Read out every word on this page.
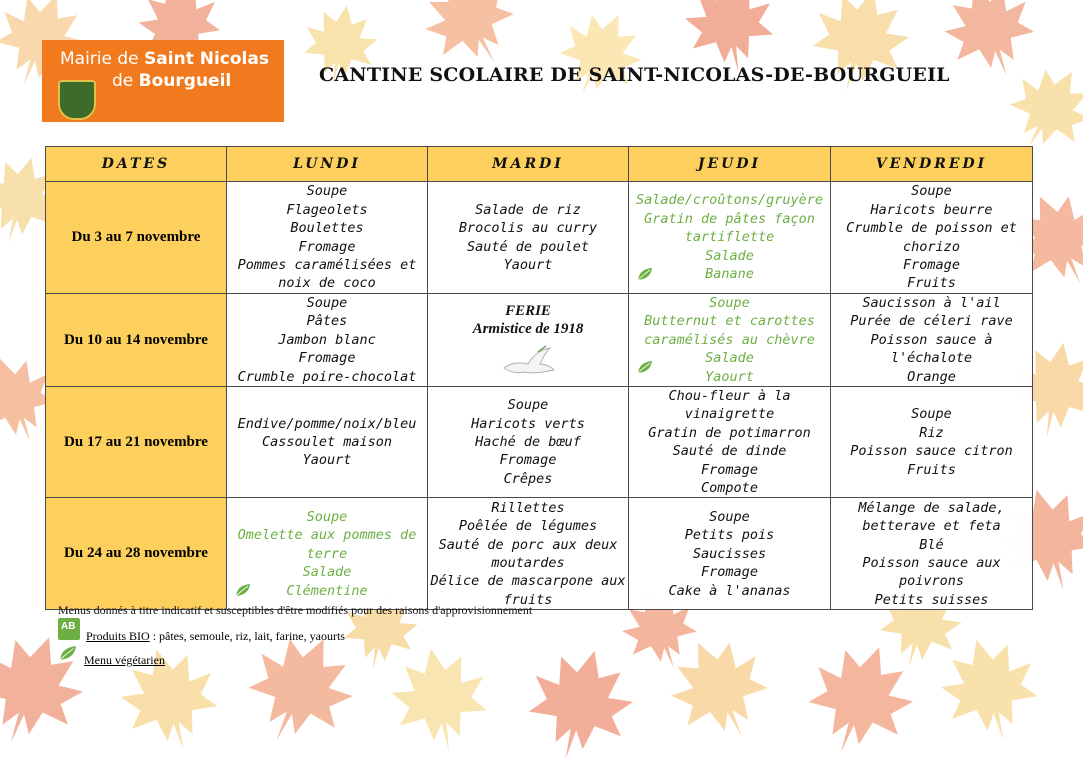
Mairie de Saint Nicolas
de Bourgueil	CANTINE SCOLAIRE DE SAINT-NICOLAS-DE-BOURGUEIL
DATES	LUNDI	MARDI	JEUDI	VENDREDI
Du 3 au 7 novembre	Soupe
Flageolets
Boulettes
Fromage
Pommes caramélisées et noix de coco	Salade de riz
Brocolis au curry
Sauté de poulet
Yaourt	Salade/croûtons/gruyère
Gratin de pâtes façon tartiflette
Salade
Banane	Soupe
Haricots beurre
Crumble de poisson et chorizo
Fromage
Fruits

Du 10 au 14 novembre	Soupe
Pâtes
Jambon blanc
Fromage
Crumble poire-chocolat	FERIE
Armistice de 1918	Soupe
Butternut et carottes caramélisés au chèvre
Salade
Yaourt	Saucisson à l'ail
Purée de céleri rave
Poisson sauce à l'échalote
Orange

Du 17 au 21 novembre	Endive/pomme/noix/bleu
Cassoulet maison
Yaourt	Soupe
Haricots verts
Haché de bœuf
Fromage
Crêpes	Chou-fleur à la vinaigrette
Gratin de potimarron
Sauté de dinde
Fromage
Compote	Soupe
Riz
Poisson sauce citron
Fruits

Du 24 au 28 novembre	Soupe
Omelette aux pommes de terre
Salade
Clémentine	Rillettes
Poêlée de légumes
Sauté de porc aux deux moutardes
Délice de mascarpone aux fruits	Soupe
Petits pois
Saucisses
Fromage
Cake à l'ananas	Mélange de salade, betterave et feta
Blé
Poisson sauce aux poivrons
Petits suisses
Menus donnés à titre indicatif et susceptibles d'être modifiés pour des raisons d'approvisionnement
AB
Produits BIO : pâtes, semoule, riz, lait, farine, yaourts
Menu végétarien
